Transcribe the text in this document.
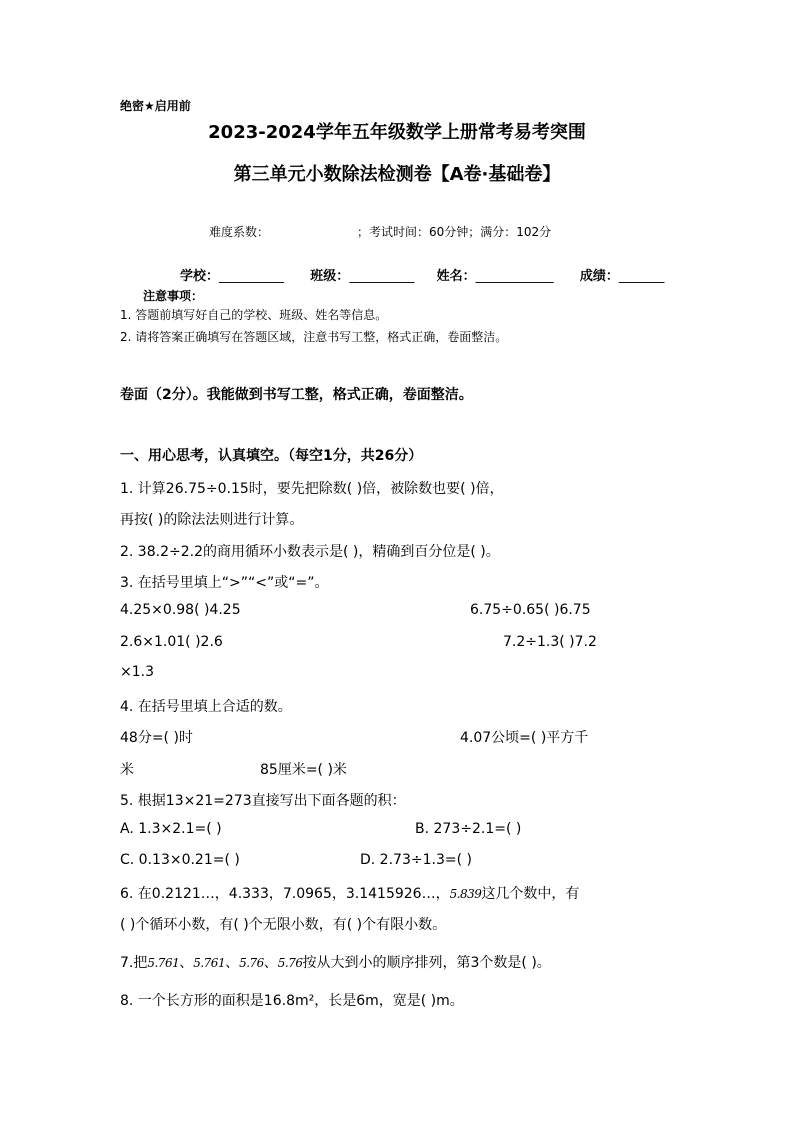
绝密★启用前
2023-2024学年五年级数学上册常考易考突围
第三单元小数除法检测卷【A卷·基础卷】
难度系数：	；考试时间：60分钟；满分：102分
学校：__________ 班级：__________ 姓名：____________ 成绩：_______
注意事项：
1. 答题前填写好自己的学校、班级、姓名等信息。
2. 请将答案正确填写在答题区域，注意书写工整，格式正确，卷面整洁。
卷面（2分）。我能做到书写工整，格式正确，卷面整洁。
一、用心思考，认真填空。（每空1分，共26分）
1. 计算26.75÷0.15时，要先把除数( )倍，被除数也要( )倍，
再按( )的除法法则进行计算。
2. 38.2÷2.2的商用循环小数表示是( )，精确到百分位是( )。
3. 在括号里填上“>”“<”或“=”。
4.25×0.98( )4.25	6.75÷0.65( )6.75
2.6×1.01( )2.6	7.2÷1.3( )7.2
×1.3
4. 在括号里填上合适的数。
48分=( )时	4.07公顷=( )平方千
米	85厘米=( )米
5. 根据13×21=273直接写出下面各题的积：
A. 1.3×2.1=( )	B. 273÷2.1=( )
C. 0.13×0.21=( )	D. 2.73÷1.3=( )
6. 在0.2121…，4.333，7.0965，3.1415926…，5.839这几个数中，有
( )个循环小数，有( )个无限小数，有( )个有限小数。
7.把5.761、5.761、5.76、5.76按从大到小的顺序排列，第3个数是( )。
8. 一个长方形的面积是16.8m²，长是6m，宽是( )m。
